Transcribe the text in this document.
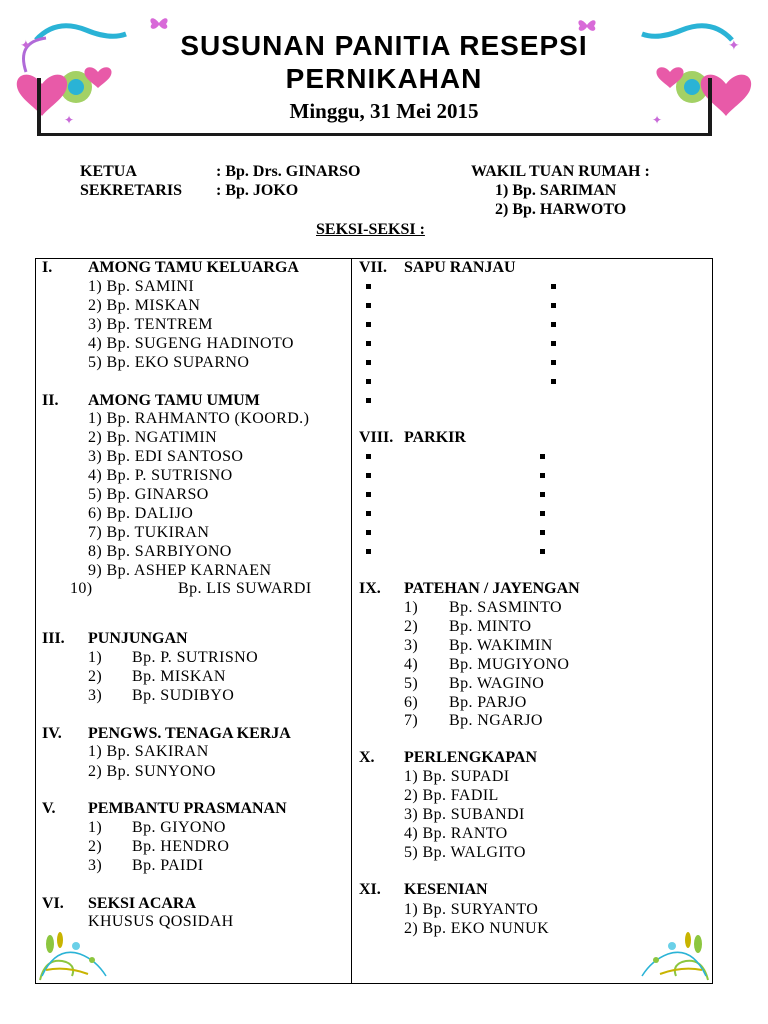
✦
✦
✦
✦
SUSUNAN PANITIA RESEPSI
PERNIKAHAN
Minggu, 31 Mei 2015
KETUA	: Bp. Drs. GINARSO
SEKRETARIS : Bp. JOKO
WAKIL TUAN RUMAH :
1) Bp. SARIMAN
2) Bp. HARWOTO
SEKSI-SEKSI :
I. AMONG TAMU KELUARGA
1) Bp. SAMINI
2) Bp. MISKAN
3) Bp. TENTREM
4) Bp. SUGENG HADINOTO
5) Bp. EKO SUPARNO
II. AMONG TAMU UMUM
1) Bp. RAHMANTO (KOORD.)
2) Bp. NGATIMIN
3) Bp. EDI SANTOSO
4) Bp. P. SUTRISNO
5) Bp. GINARSO
6) Bp. DALIJO
7) Bp. TUKIRAN
8) Bp. SARBIYONO
9) Bp. ASHEP KARNAEN
10)	Bp. LIS SUWARDI
III. PUNJUNGAN
1) Bp. P. SUTRISNO
2) Bp. MISKAN
3) Bp. SUDIBYO
IV. PENGWS. TENAGA KERJA
1) Bp. SAKIRAN
2) Bp. SUNYONO
V. PEMBANTU PRASMANAN
1) Bp. GIYONO
2) Bp. HENDRO
3) Bp. PAIDI
VI. SEKSI ACARA
KHUSUS QOSIDAH
VII. SAPU RANJAU
VIII. PARKIR
IX. PATEHAN / JAYENGAN
1) Bp. SASMINTO
2) Bp. MINTO
3) Bp. WAKIMIN
4) Bp. MUGIYONO
5) Bp. WAGINO
6) Bp. PARJO
7) Bp. NGARJO
X. PERLENGKAPAN
1) Bp. SUPADI
2) Bp. FADIL
3) Bp. SUBANDI
4) Bp. RANTO
5) Bp. WALGITO
XI. KESENIAN
1) Bp. SURYANTO
2) Bp. EKO NUNUK
